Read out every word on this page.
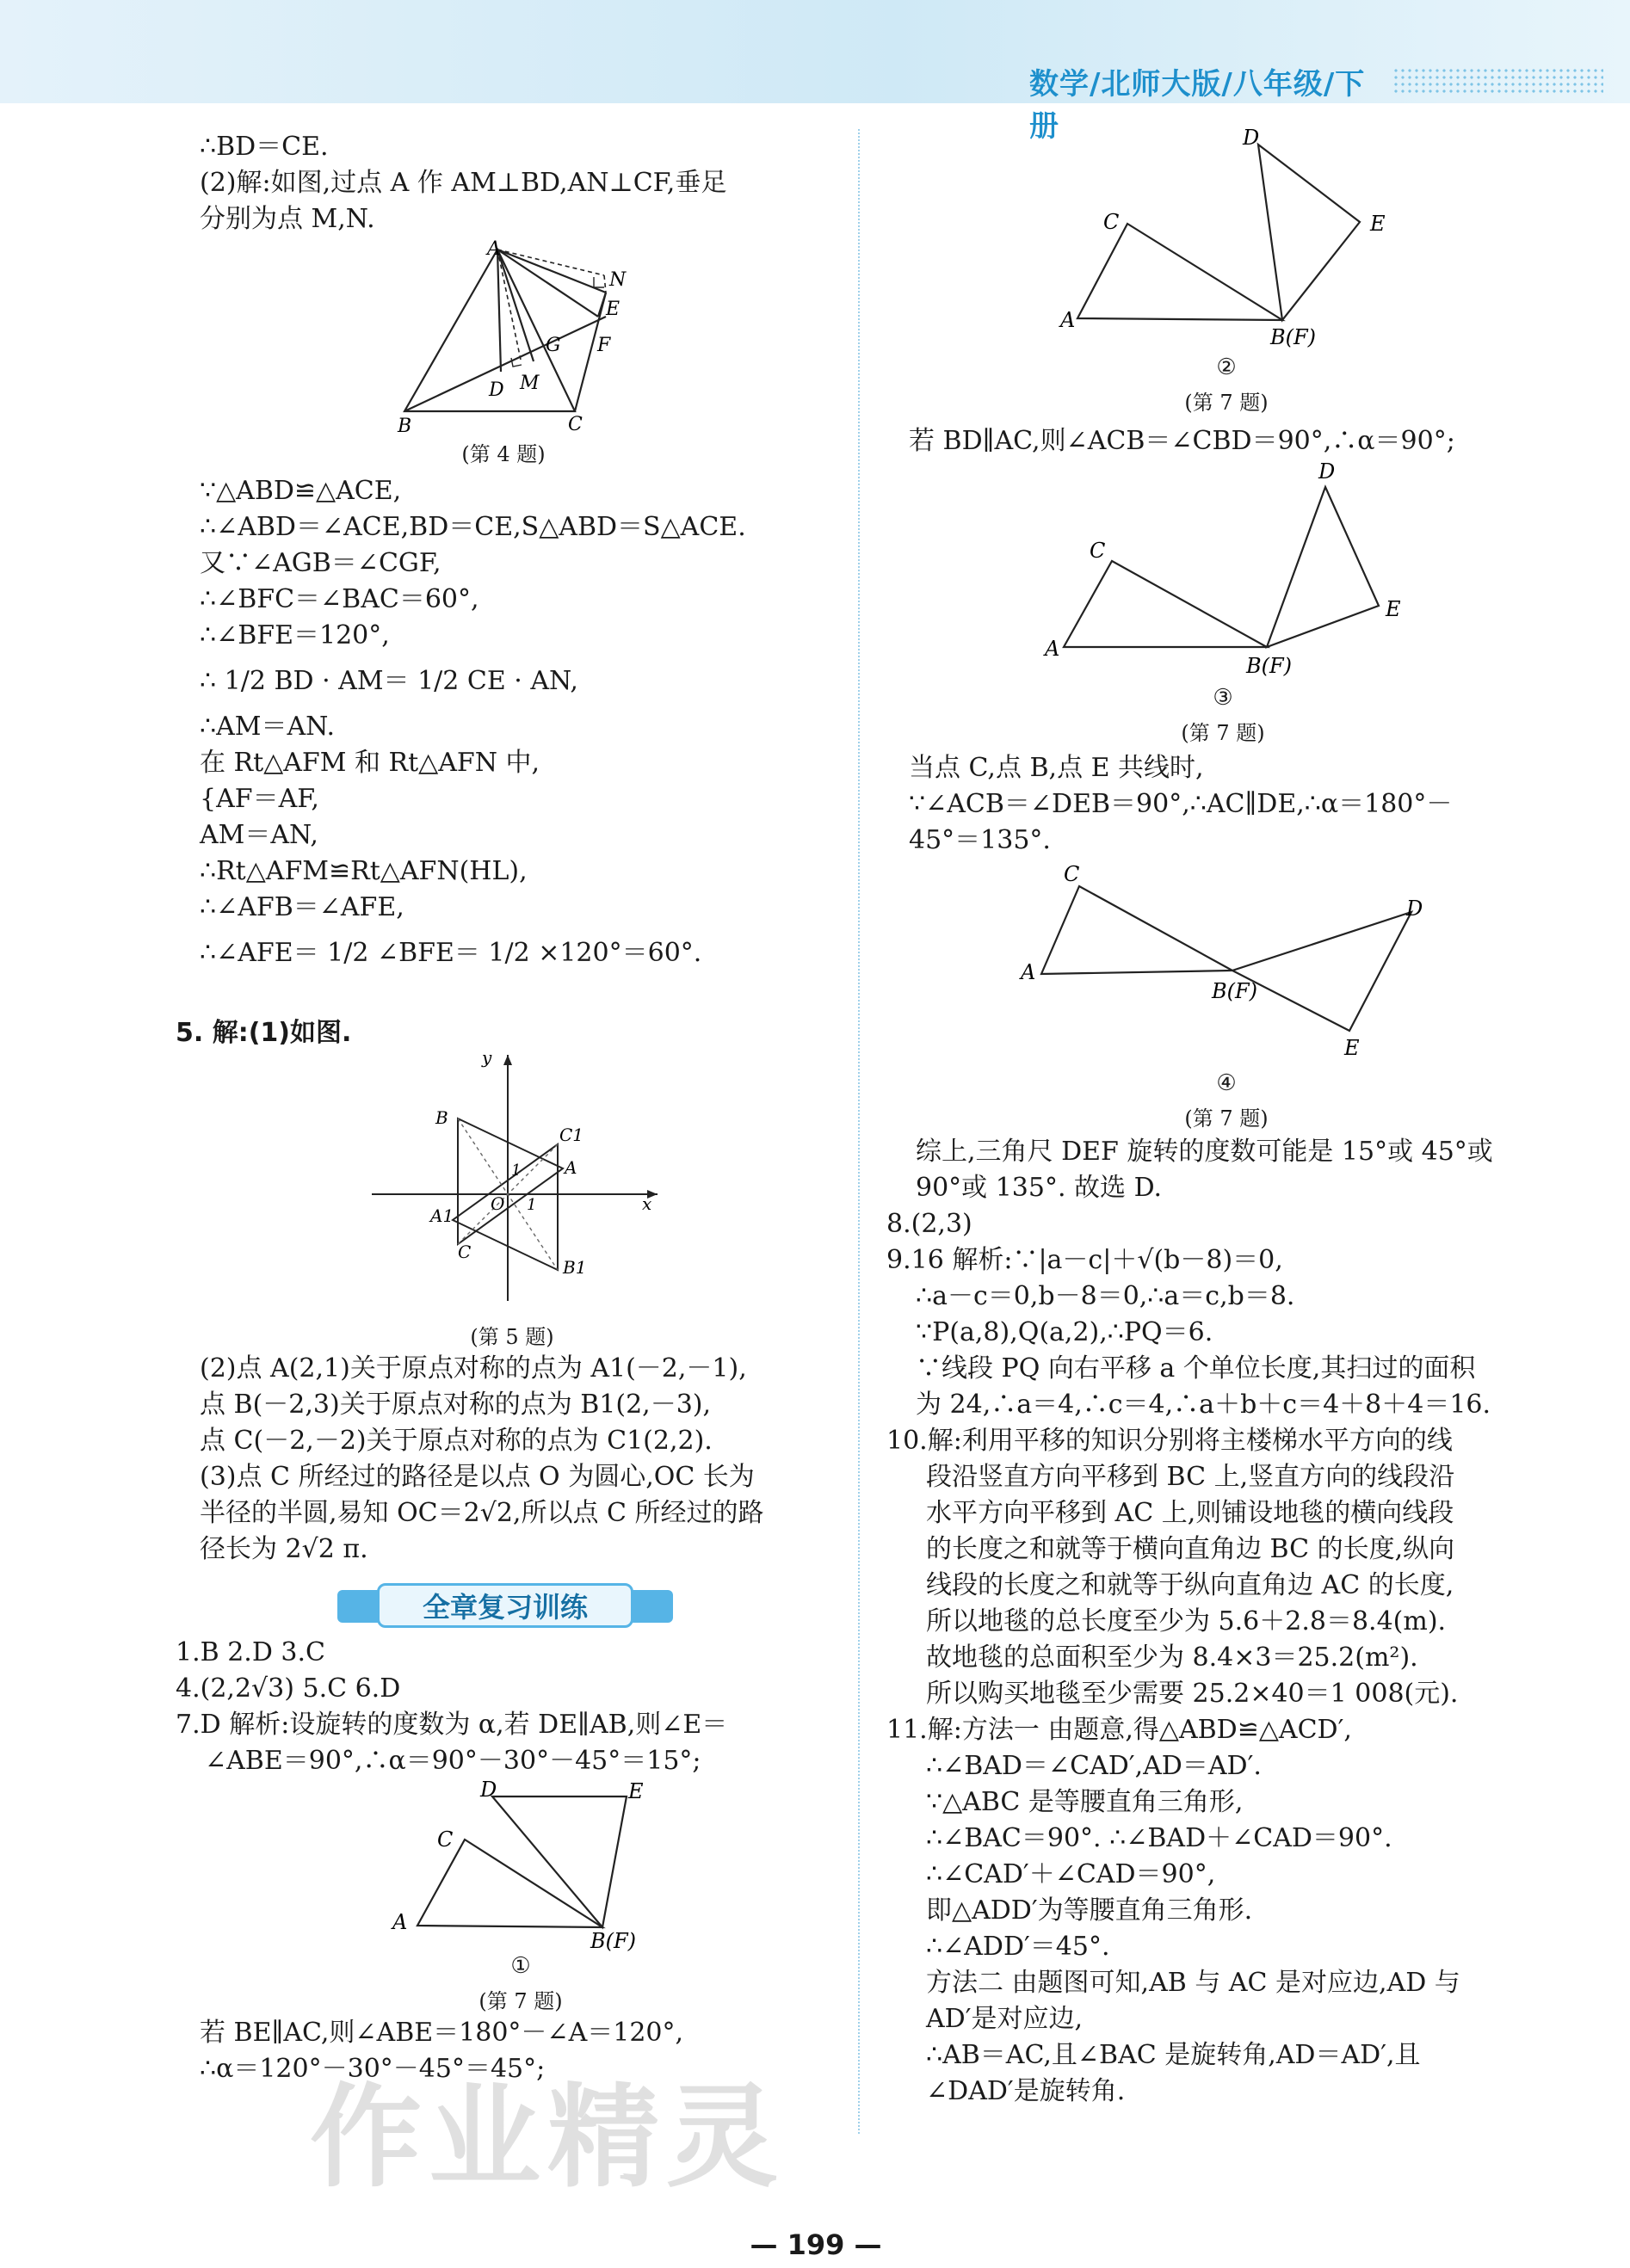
数学/北师大版/八年级/下册
∴BD＝CE.
(2)解:如图,过点 A 作 AM⊥BD,AN⊥CF,垂足
分别为点 M,N.
A
N
E
F
G
D M
B	C
(第 4 题)
∵△ABD≌△ACE,
∴∠ABD＝∠ACE,BD＝CE,S△ABD＝S△ACE.
又∵∠AGB＝∠CGF,
∴∠BFC＝∠BAC＝60°,
∴∠BFE＝120°,
∴ 1/2 BD · AM＝ 1/2 CE · AN,
∴AM＝AN.
在 Rt△AFM 和 Rt△AFN 中,
{AF＝AF,
AM＝AN,
∴Rt△AFM≌Rt△AFN(HL),
∴∠AFB＝∠AFE,
∴∠AFE＝ 1/2 ∠BFE＝ 1/2 ×120°＝60°.
5. 解:(1)如图.
y
x
B
C1
A
A1
C
B1
O
1
1
(第 5 题)
(2)点 A(2,1)关于原点对称的点为 A1(－2,－1),
点 B(－2,3)关于原点对称的点为 B1(2,－3),
点 C(－2,－2)关于原点对称的点为 C1(2,2).
(3)点 C 所经过的路径是以点 O 为圆心,OC 长为
半径的半圆,易知 OC＝2√2,所以点 C 所经过的路
径长为 2√2 π.
全章复习训练
1.B 2.D 3.C
4.(2,2√3) 5.C 6.D
7.D 解析:设旋转的度数为 α,若 DE∥AB,则∠E＝
∠ABE＝90°,∴α＝90°－30°－45°＝15°;
D	E
C
A
B(F)
①
(第 7 题)
若 BE∥AC,则∠ABE＝180°－∠A＝120°,
∴α＝120°－30°－45°＝45°;
D
C	E
A
B(F)
②
(第 7 题)
若 BD∥AC,则∠ACB＝∠CBD＝90°,∴α＝90°;
D
C
E
A
B(F)
③
(第 7 题)
当点 C,点 B,点 E 共线时,
∵∠ACB＝∠DEB＝90°,∴AC∥DE,∴α＝180°－
45°＝135°.
C
D
A
B(F)
E
④
(第 7 题)
综上,三角尺 DEF 旋转的度数可能是 15°或 45°或
90°或 135°. 故选 D.
8.(2,3)
9.16 解析:∵|a－c|＋√(b－8)＝0,
∴a－c＝0,b－8＝0,∴a＝c,b＝8.
∵P(a,8),Q(a,2),∴PQ＝6.
∵线段 PQ 向右平移 a 个单位长度,其扫过的面积
为 24,∴a＝4,∴c＝4,∴a＋b＋c＝4＋8＋4＝16.
10.解:利用平移的知识分别将主楼梯水平方向的线
段沿竖直方向平移到 BC 上,竖直方向的线段沿
水平方向平移到 AC 上,则铺设地毯的横向线段
的长度之和就等于横向直角边 BC 的长度,纵向
线段的长度之和就等于纵向直角边 AC 的长度,
所以地毯的总长度至少为 5.6＋2.8＝8.4(m).
故地毯的总面积至少为 8.4×3＝25.2(m²).
所以购买地毯至少需要 25.2×40＝1 008(元).
11.解:方法一 由题意,得△ABD≌△ACD′,
∴∠BAD＝∠CAD′,AD＝AD′.
∵△ABC 是等腰直角三角形,
∴∠BAC＝90°. ∴∠BAD＋∠CAD＝90°.
∴∠CAD′＋∠CAD＝90°,
即△ADD′为等腰直角三角形.
∴∠ADD′＝45°.
方法二 由题图可知,AB 与 AC 是对应边,AD 与
AD′是对应边,
∴AB＝AC,且∠BAC 是旋转角,AD＝AD′,且
∠DAD′是旋转角.
作业精灵
— 199 —
